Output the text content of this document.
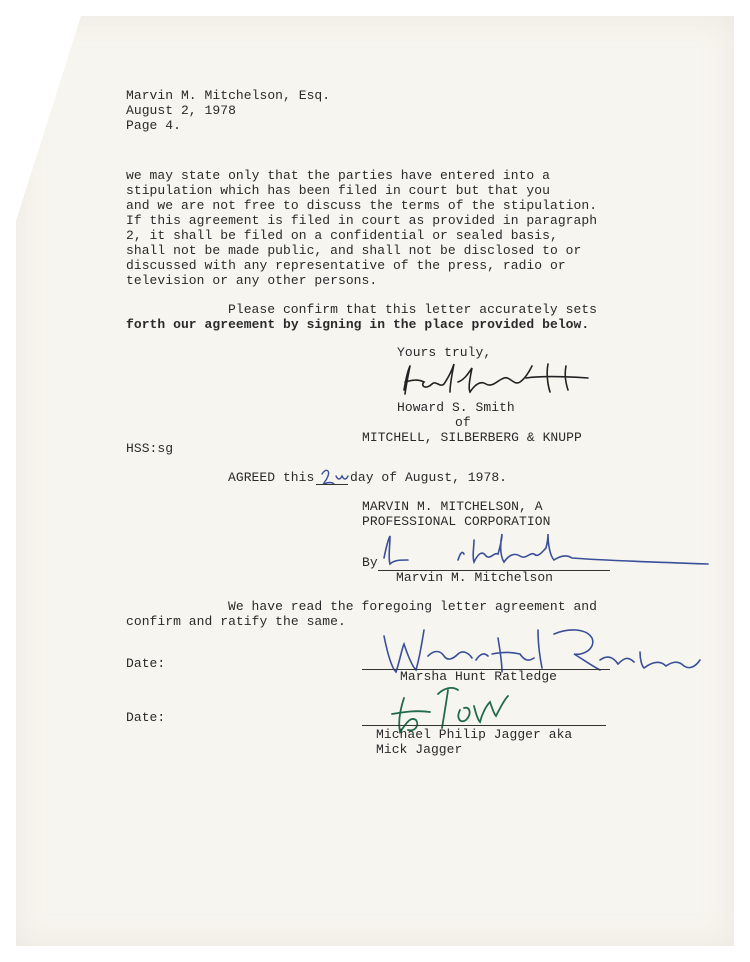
Marvin M. Mitchelson, Esq.
August 2, 1978
Page 4.
we may state only that the parties have entered into a
stipulation which has been filed in court but that you
and we are not free to discuss the terms of the stipulation.
If this agreement is filed in court as provided in paragraph
2, it shall be filed on a confidential or sealed basis,
shall not be made public, and shall not be disclosed to or
discussed with any representative of the press, radio or
television or any other persons.
Please confirm that this letter accurately sets
forth our agreement by signing in the place provided below.
Yours truly,
Howard S. Smith
of
MITCHELL, SILBERBERG & KNUPP
HSS:sg
AGREED this	day of August, 1978.
MARVIN M. MITCHELSON, A
PROFESSIONAL CORPORATION
By
Marvin M. Mitchelson
We have read the foregoing letter agreement and
confirm and ratify the same.
Date:
Marsha Hunt Ratledge
Date:
Michael Philip Jagger aka
Mick Jagger
